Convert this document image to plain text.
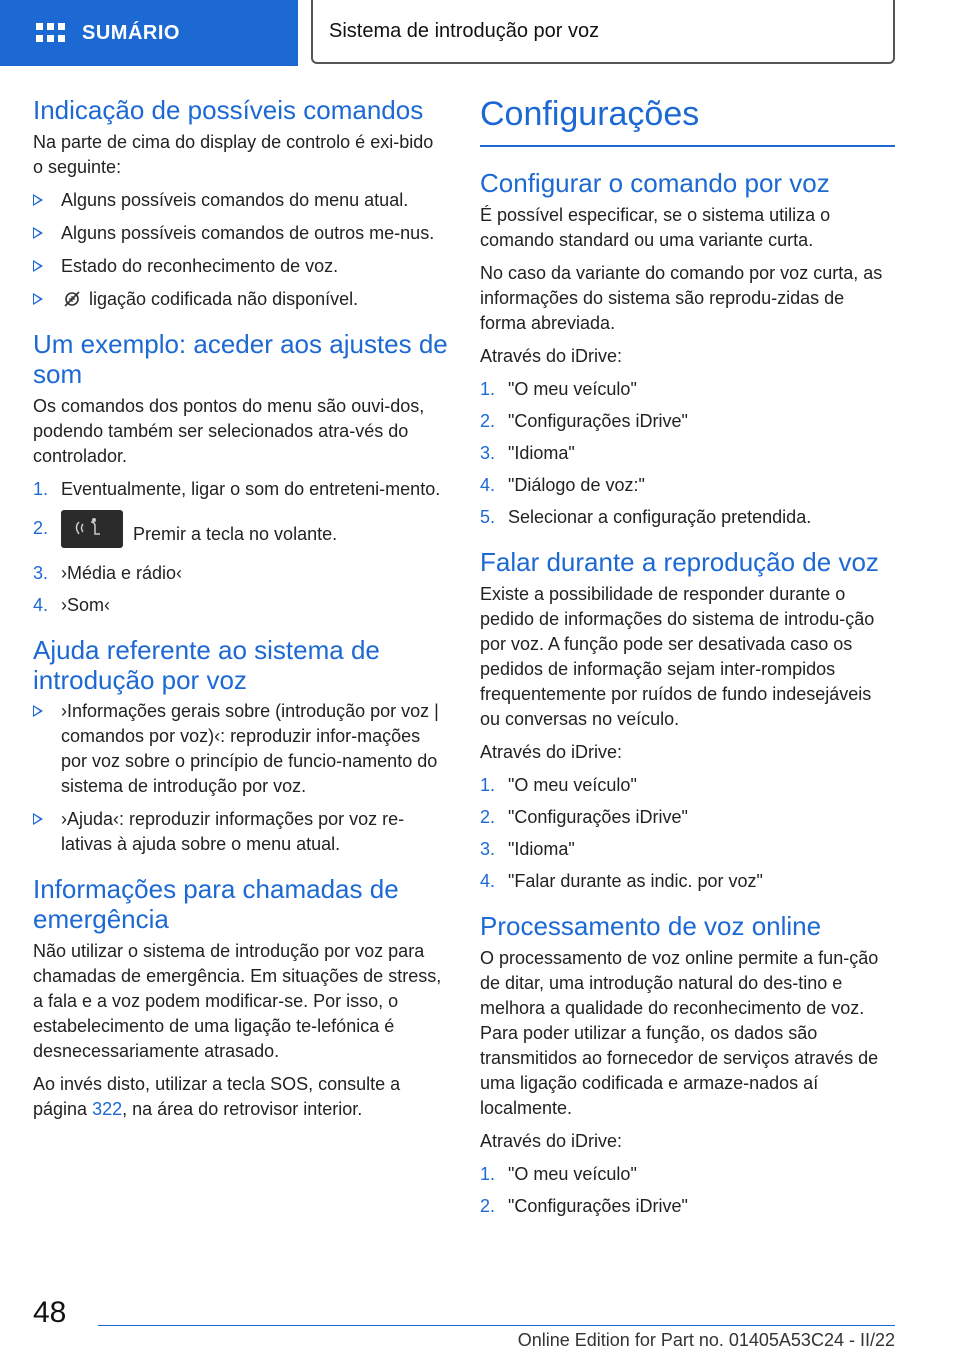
SUMÁRIO	Sistema de introdução por voz
Indicação de possíveis comandos

Na parte de cima do display de controlo é exi-bido o seguinte:

Alguns possíveis comandos do menu atual.
Alguns possíveis comandos de outros me-nus.
Estado do reconhecimento de voz.
ligação codificada não disponível.
Um exemplo: aceder aos ajustes de som

Os comandos dos pontos do menu são ouvi-dos, podendo também ser selecionados atra-vés do controlador.

1. Eventualmente, ligar o som do entreteni-mento.
2.	Premir a tecla no volante.
3. ›Média e rádio‹
4. ›Som‹
Ajuda referente ao sistema de introdução por voz
›Informações gerais sobre (introdução por voz | comandos por voz)‹: reproduzir infor-mações por voz sobre o princípio de funcio-namento do sistema de introdução por voz.
›Ajuda‹: reproduzir informações por voz re-lativas à ajuda sobre o menu atual.
Informações para chamadas de emergência

Não utilizar o sistema de introdução por voz para chamadas de emergência. Em situações de stress, a fala e a voz podem modificar-se. Por isso, o estabelecimento de uma ligação te-lefónica é desnecessariamente atrasado.

Ao invés disto, utilizar a tecla SOS, consulte a página 322, na área do retrovisor interior.

Configurações
Configurar o comando por voz

É possível especificar, se o sistema utiliza o comando standard ou uma variante curta.

No caso da variante do comando por voz curta, as informações do sistema são reprodu-zidas de forma abreviada.

Através do iDrive:

1. "O meu veículo"
2. "Configurações iDrive"
3. "Idioma"
4. "Diálogo de voz:"
5. Selecionar a configuração pretendida.
Falar durante a reprodução de voz

Existe a possibilidade de responder durante o pedido de informações do sistema de introdu-ção por voz. A função pode ser desativada caso os pedidos de informação sejam inter-rompidos frequentemente por ruídos de fundo indesejáveis ou conversas no veículo.

Através do iDrive:

1. "O meu veículo"
2. "Configurações iDrive"
3. "Idioma"
4. "Falar durante as indic. por voz"
Processamento de voz online

O processamento de voz online permite a fun-ção de ditar, uma introdução natural do des-tino e melhora a qualidade do reconhecimento de voz. Para poder utilizar a função, os dados são transmitidos ao fornecedor de serviços através de uma ligação codificada e armaze-nados aí localmente.

Através do iDrive:

1. "O meu veículo"
2. "Configurações iDrive"
48
Online Edition for Part no. 01405A53C24 - II/22
